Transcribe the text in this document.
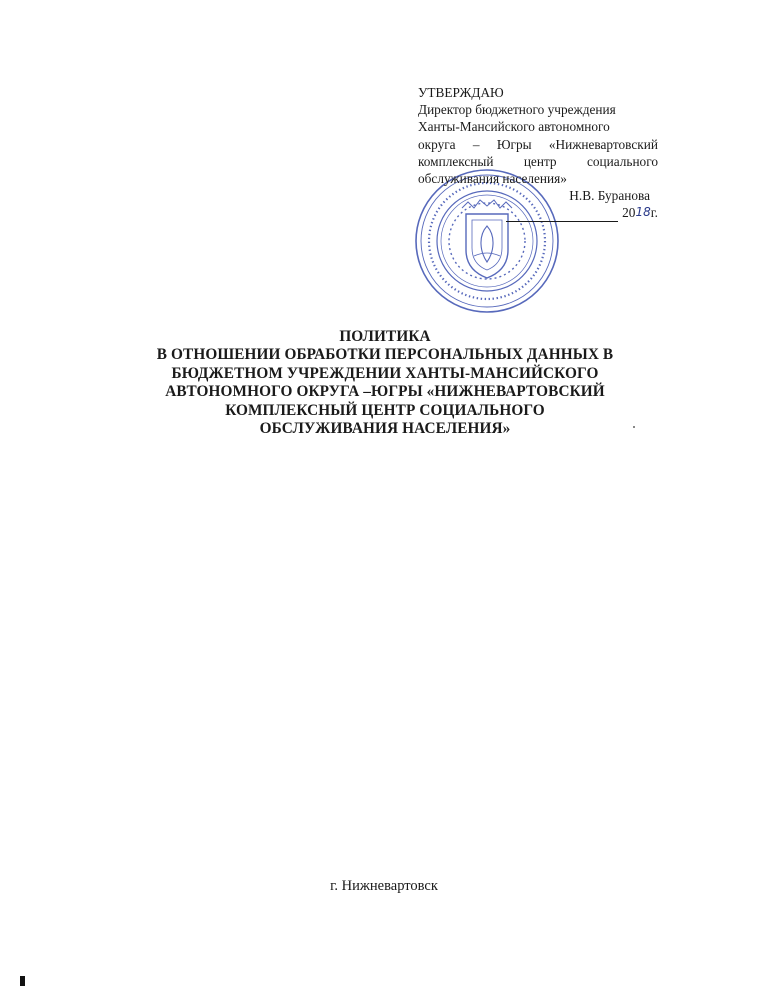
УТВЕРЖДАЮ
Директор бюджетного учреждения
Ханты-Мансийского автономного
округа – Югры «Нижневартовский
комплексный центр социального
обслуживания населения»
Н.В. Буранова
20 18 г.
ПОЛИТИКА
В ОТНОШЕНИИ ОБРАБОТКИ ПЕРСОНАЛЬНЫХ ДАННЫХ В
БЮДЖЕТНОМ УЧРЕЖДЕНИИ ХАНТЫ-МАНСИЙСКОГО
АВТОНОМНОГО ОКРУГА –ЮГРЫ «НИЖНЕВАРТОВСКИЙ
КОМПЛЕКСНЫЙ ЦЕНТР СОЦИАЛЬНОГО
ОБСЛУЖИВАНИЯ НАСЕЛЕНИЯ»
г. Нижневартовск
